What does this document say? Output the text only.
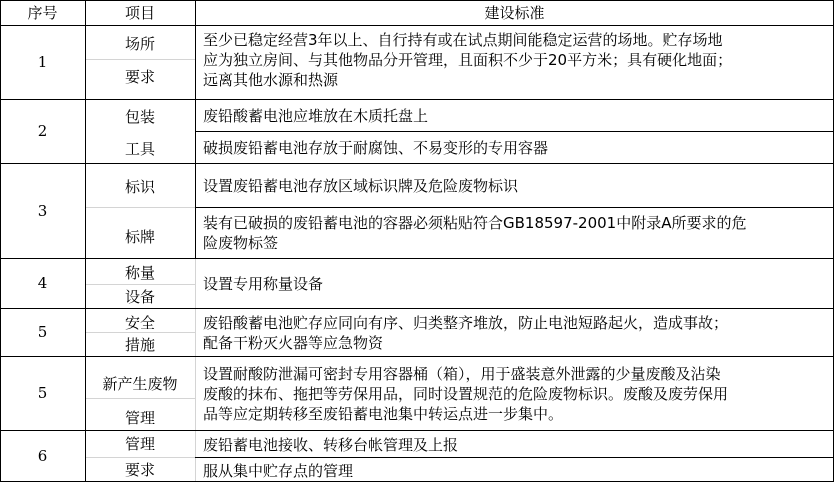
序号	项目	建设标准
1
2
3
4
5
5
6
场所
要求
包装
工具
标识
标牌
称量
设备
安全
措施
新产生废物
管理
管理
要求
至少已稳定经营3年以上、自行持有或在试点期间能稳定运营的场地。贮存场地
应为独立房间、与其他物品分开管理，且面积不少于20平方米；具有硬化地面；
远离其他水源和热源
废铅酸蓄电池应堆放在木质托盘上
破损废铅蓄电池存放于耐腐蚀、不易变形的专用容器
设置废铅蓄电池存放区域标识牌及危险废物标识
装有已破损的废铅蓄电池的容器必须粘贴符合GB18597-2001中附录A所要求的危
险废物标签
设置专用称量设备
废铅酸蓄电池贮存应同向有序、归类整齐堆放，防止电池短路起火，造成事故；
配备干粉灭火器等应急物资
设置耐酸防泄漏可密封专用容器桶（箱），用于盛装意外泄露的少量废酸及沾染
废酸的抹布、拖把等劳保用品，同时设置规范的危险废物标识。废酸及废劳保用
品等应定期转移至废铅蓄电池集中转运点进一步集中。
废铅蓄电池接收、转移台帐管理及上报
服从集中贮存点的管理
